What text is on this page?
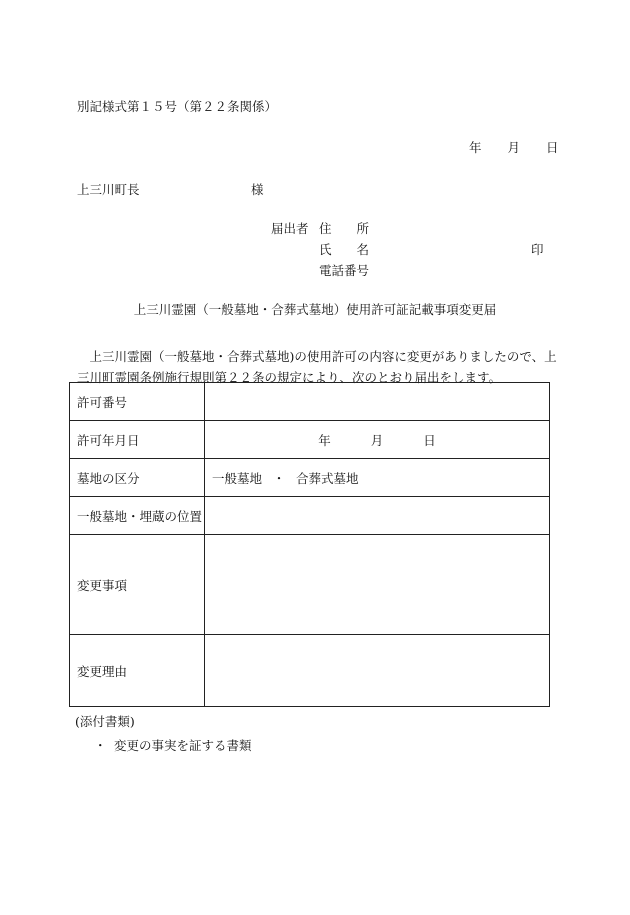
別記様式第１５号（第２２条関係）
年 月 日
上三川町長	様
届出者 住　　所
氏　　名	印
電話番号
上三川霊園（一般墓地・合葬式墓地）使用許可証記載事項変更届
　上三川霊園（一般墓地・合葬式墓地)の使用許可の内容に変更がありましたので、上
三川町霊園条例施行規則第２２条の規定により、次のとおり届出をします。
許可番号	
許可年月日	年 月 日
墓地の区分	一般墓地 ・ 合葬式墓地
一般墓地・埋蔵の位置	
変更事項	
変更理由	
(添付書類)
・ 変更の事実を証する書類
